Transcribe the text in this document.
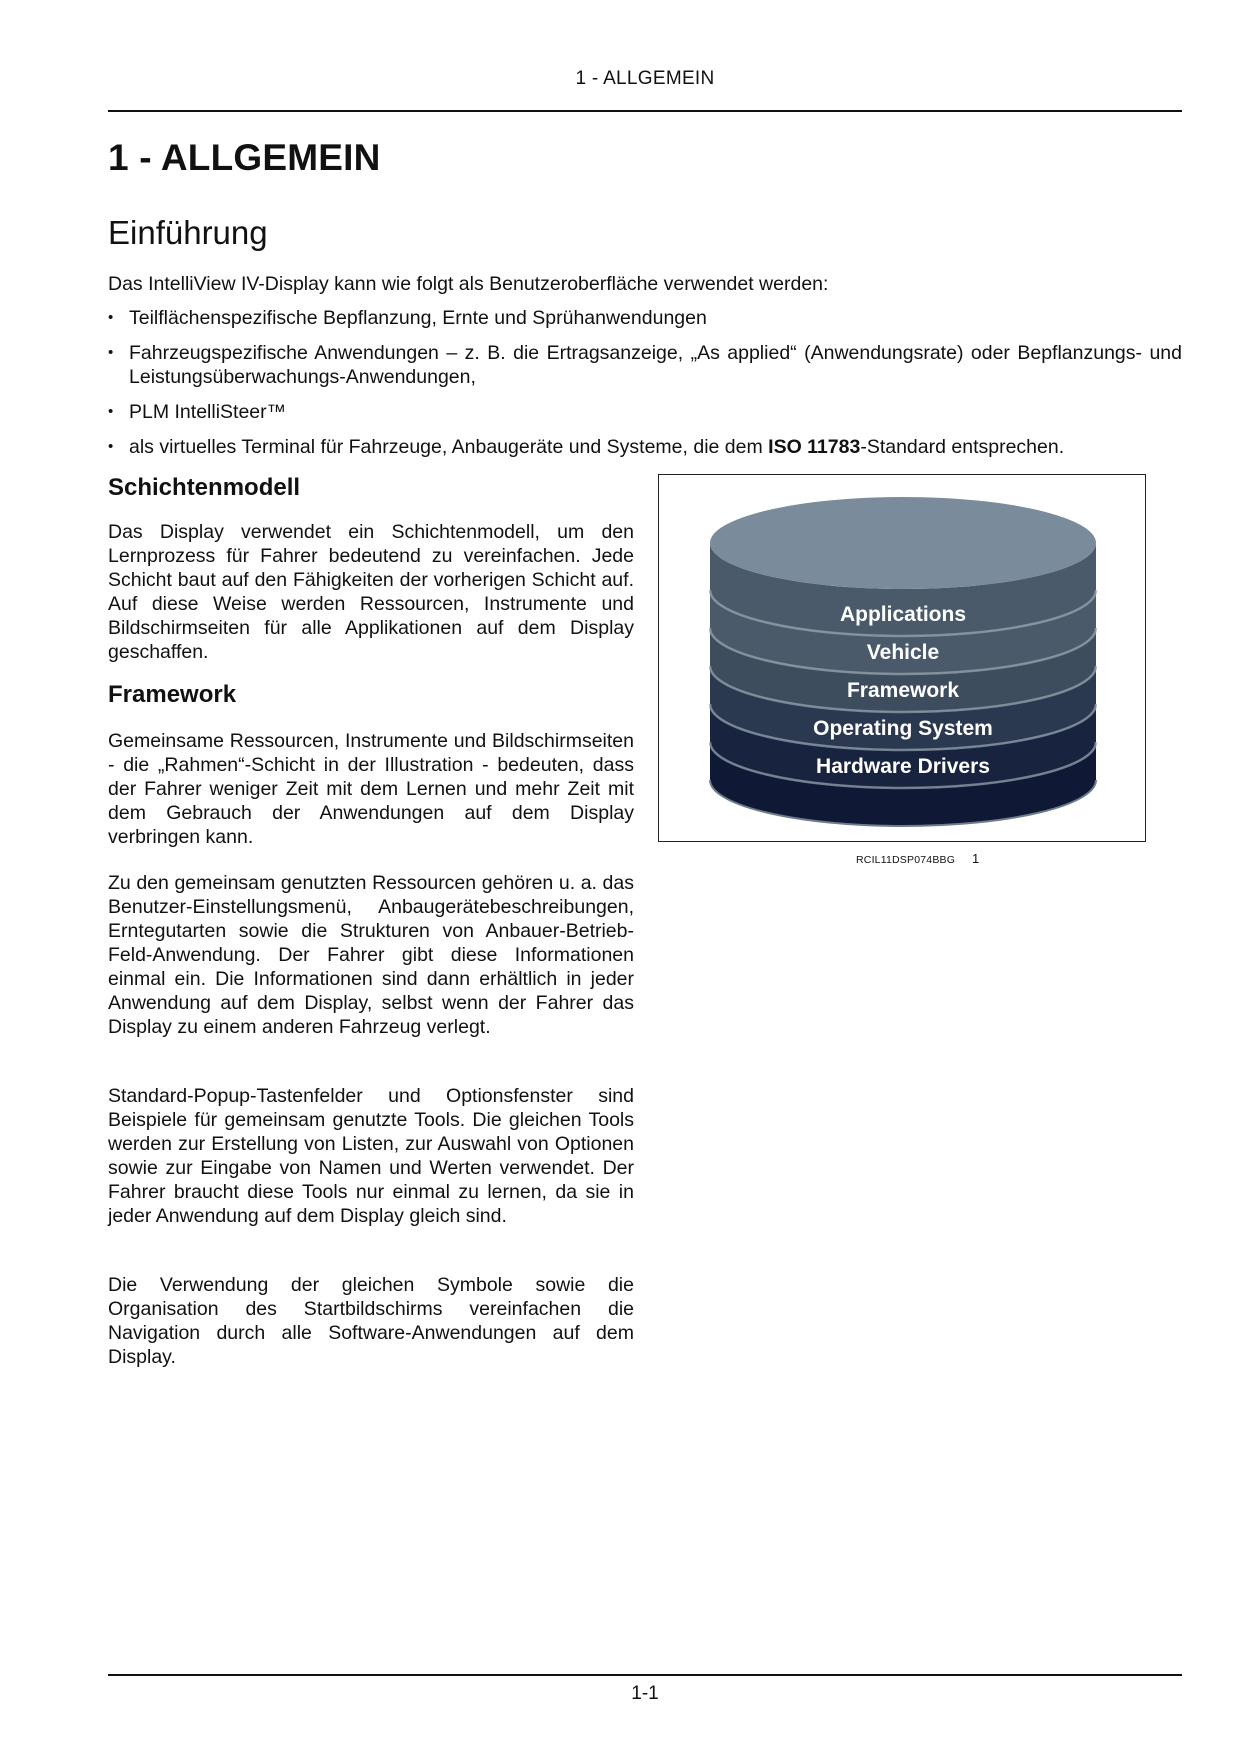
1 - ALLGEMEIN
1 - ALLGEMEIN
Einführung

Das IntelliView IV-Display kann wie folgt als Benutzeroberfläche verwendet werden:

• Teilflächenspezifische Bepflanzung, Ernte und Sprühanwendungen
• Fahrzeugspezifische Anwendungen – z. B. die Ertragsanzeige, „As applied“ (Anwendungsrate) oder Bepflanzungs- und Leistungsüberwachungs-Anwendungen,
• PLM IntelliSteer™
• als virtuelles Terminal für Fahrzeuge, Anbaugeräte und Systeme, die dem ISO 11783-Standard entsprechen.
Schichtenmodell

Das Display verwendet ein Schichtenmodell, um den Lernprozess für Fahrer bedeutend zu vereinfachen. Jede Schicht baut auf den Fähigkeiten der vorherigen Schicht auf. Auf diese Weise werden Ressourcen, Instrumente und Bildschirmseiten für alle Applikationen auf dem Display geschaffen.

Framework

Gemeinsame Ressourcen, Instrumente und Bildschirmseiten - die „Rahmen“-Schicht in der Illustration - bedeuten, dass der Fahrer weniger Zeit mit dem Lernen und mehr Zeit mit dem Gebrauch der Anwendungen auf dem Display verbringen kann.

Zu den gemeinsam genutzten Ressourcen gehören u. a. das Benutzer-Einstellungsmenü, Anbaugerätebeschreibungen, Erntegutarten sowie die Strukturen von Anbauer-Betrieb-Feld-Anwendung. Der Fahrer gibt diese Informationen einmal ein. Die Informationen sind dann erhältlich in jeder Anwendung auf dem Display, selbst wenn der Fahrer das Display zu einem anderen Fahrzeug verlegt.

Standard-Popup-Tastenfelder und Optionsfenster sind Beispiele für gemeinsam genutzte Tools. Die gleichen Tools werden zur Erstellung von Listen, zur Auswahl von Optionen sowie zur Eingabe von Namen und Werten verwendet. Der Fahrer braucht diese Tools nur einmal zu lernen, da sie in jeder Anwendung auf dem Display gleich sind.

Die Verwendung der gleichen Symbole sowie die Organisation des Startbildschirms vereinfachen die Navigation durch alle Software-Anwendungen auf dem Display.

Applications
Vehicle
Framework
Operating System
Hardware Drivers
RCIL11DSP074BBG 1
1-1
